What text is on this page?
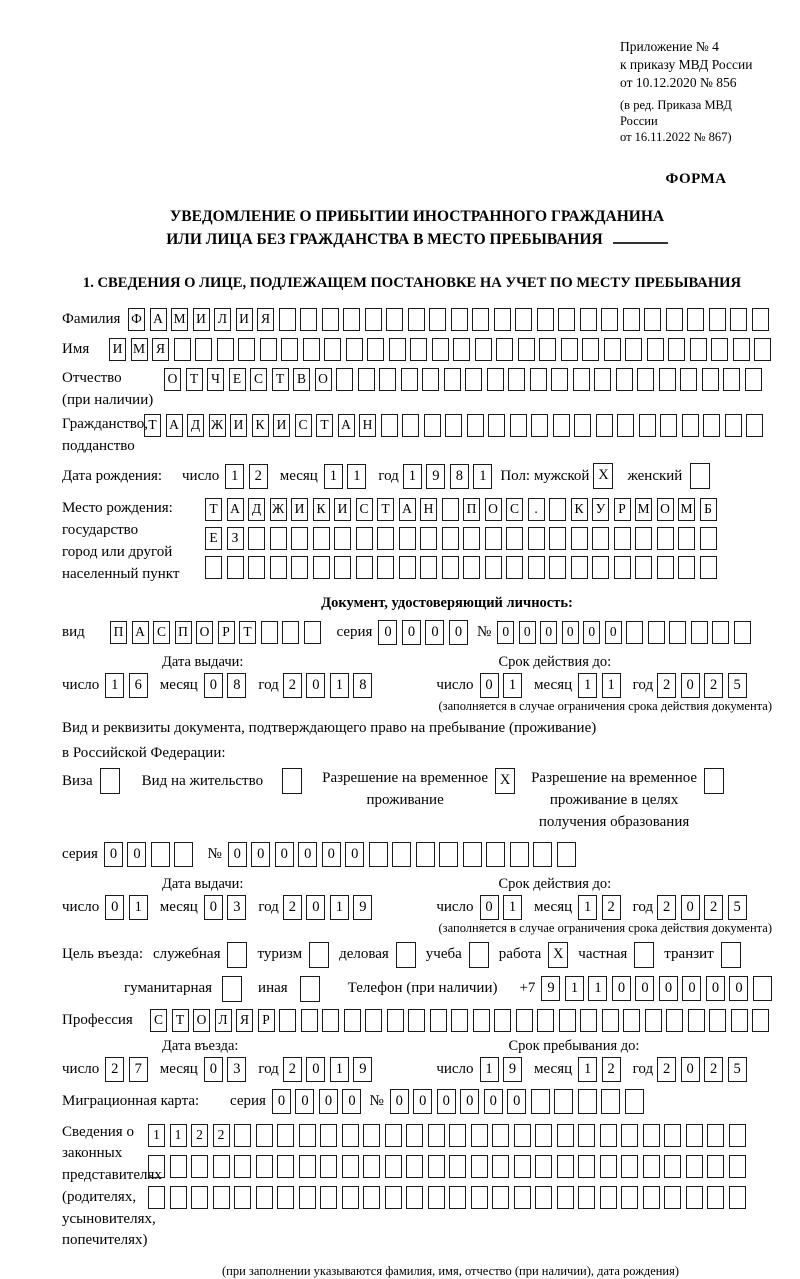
Приложение № 4
к приказу МВД России
от 10.12.2020 № 856
(в ред. Приказа МВД России
от 16.11.2022 № 867)
ФОРМА
УВЕДОМЛЕНИЕ О ПРИБЫТИИ ИНОСТРАННОГО ГРАЖДАНИНА
ИЛИ ЛИЦА БЕЗ ГРАЖДАНСТВА В МЕСТО ПРЕБЫВАНИЯ
1. СВЕДЕНИЯ О ЛИЦЕ, ПОДЛЕЖАЩЕМ ПОСТАНОВКЕ НА УЧЕТ ПО МЕСТУ ПРЕБЫВАНИЯ
Фамилия Ф А М И Л И Я
Имя	И М Я
Отчество
(при наличии)
О Т Ч Е С Т В О
Гражданство,
подданство
Т А Д Ж И К И С Т А Н
Дата рождения:	число 1	2	месяц 1	1	год 1	9	8	1 Пол: мужской X	женский
Место рождения:
государство
город или другой
населенный пункт
Т А Д Ж И К И С Т А Н П О С	.	К У Р М О М Б
Е	З
Документ, удостоверяющий личность:
вид	П А С П О Р	Т	серия 0	0	0	0 № 0	0	0	0	0	0
Дата выдачи:	Срок действия до:
число 1	6	месяц 0	8	год 2	0	1	8	число 0	1	месяц 1	1	год 2	0	2	5
(заполняется в случае ограничения срока действия документа)
Вид и реквизиты документа, подтверждающего право на пребывание (проживание)
в Российской Федерации:
Виза	Вид на жительство	Разрешение на временное
проживание
X	Разрешение на временное
проживание в целях
получения образования
серия 0	0	№ 0	0	0	0	0	0
Дата выдачи:	Срок действия до:
число 0	1	месяц 0	3	год 2	0	1	9	число 0	1	месяц 1	2	год 2	0	2	5
(заполняется в случае ограничения срока действия документа)
Цель въезда: служебная туризм деловая учеба работа X частная транзит
гуманитарная	иная	Телефон (при наличии) +7 9	1	1	0	0	0	0	0	0
Профессия	С Т О Л Я Р
Дата въезда:	Срок пребывания до:
число 2	7	месяц 0	3	год 2	0	1	9	число 1	9	месяц 1	2	год 2	0	2	5
Миграционная карта:	серия 0	0	0	0 № 0	0	0	0	0	0
Сведения о
законных
представителях
(родителях,
усыновителях,
попечителях)
1	1	2	2
(при заполнении указываются фамилия, имя, отчество (при наличии), дата рождения)
